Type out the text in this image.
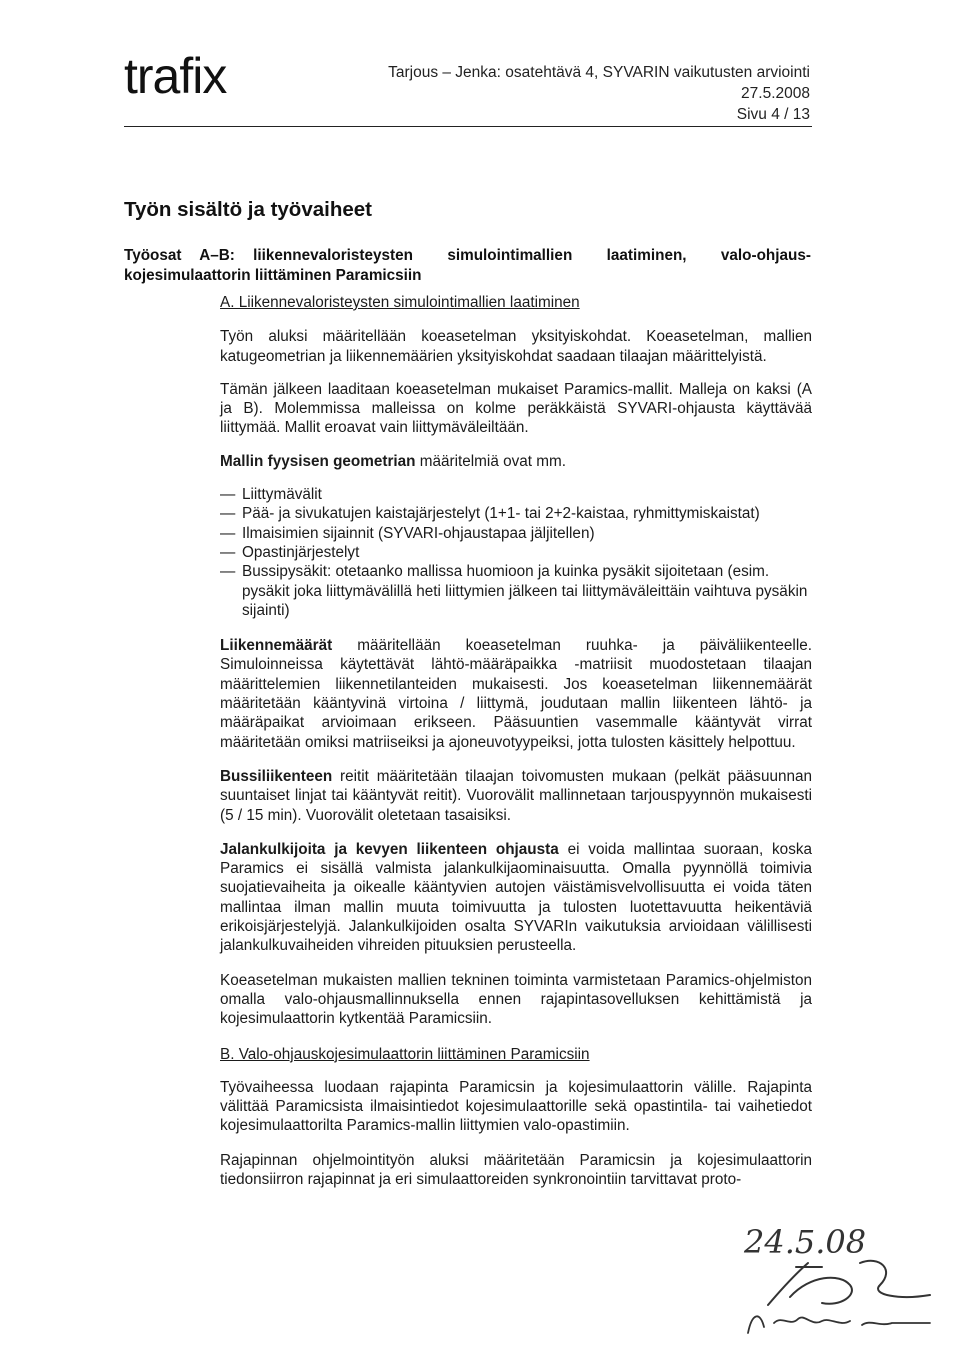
trafix	Tarjous – Jenka: osatehtävä 4, SYVARIN vaikutusten arviointi
27.5.2008
Sivu 4 / 13
Työn sisältö ja työvaiheet
Työosat A–B: liikennevaloristeysten simulointimallien laatiminen, valo-ohjaus-
kojesimulaattorin liittäminen Paramicsiin

A. Liikennevaloristeysten simulointimallien laatiminen

Työn aluksi määritellään koeasetelman yksityiskohdat. Koeasetelman, mallien katugeometrian ja liikennemäärien yksityiskohdat saadaan tilaajan määrittelyistä.

Tämän jälkeen laaditaan koeasetelman mukaiset Paramics-mallit. Malleja on kaksi (A ja B). Molemmissa malleissa on kolme peräkkäistä SYVARI-ohjausta käyttävää liittymää. Mallit eroavat vain liittymäväleiltään.

Mallin fyysisen geometrian määritelmiä ovat mm.

— Liittymävälit
— Pää- ja sivukatujen kaistajärjestelyt (1+1- tai 2+2-kaistaa, ryhmittymiskaistat)
— Ilmaisimien sijainnit (SYVARI-ohjaustapaa jäljitellen)
— Opastinjärjestelyt
— Bussipysäkit: otetaanko mallissa huomioon ja kuinka pysäkit sijoitetaan (esim. pysäkit joka liittymävälillä heti liittymien jälkeen tai liittymäväleittäin vaihtuva pysäkin sijainti)

Liikennemäärät määritellään koeasetelman ruuhka- ja päiväliikenteelle. Simuloinneissa käytettävät lähtö-määräpaikka -matriisit muodostetaan tilaajan määrittelemien liikennetilanteiden mukaisesti. Jos koeasetelman liikennemäärät määritetään kääntyvinä virtoina / liittymä, joudutaan mallin liikenteen lähtö- ja määräpaikat arvioimaan erikseen. Pääsuuntien vasemmalle kääntyvät virrat määritetään omiksi matriiseiksi ja ajoneuvotyypeiksi, jotta tulosten käsittely helpottuu.

Bussiliikenteen reitit määritetään tilaajan toivomusten mukaan (pelkät pääsuunnan suuntaiset linjat tai kääntyvät reitit). Vuorovälit mallinnetaan tarjouspyynnön mukaisesti (5 / 15 min). Vuorovälit oletetaan tasaisiksi.

Jalankulkijoita ja kevyen liikenteen ohjausta ei voida mallintaa suoraan, koska Paramics ei sisällä valmista jalankulkijaominaisuutta. Omalla pyynnöllä toimivia suojatievaiheita ja oikealle kääntyvien autojen väistämisvelvollisuutta ei voida täten mallintaa ilman mallin muuta toimivuutta ja tulosten luotettavuutta heikentäviä erikoisjärjestelyjä. Jalankulkijoiden osalta SYVARIn vaikutuksia arvioidaan välillisesti jalankulkuvaiheiden vihreiden pituuksien perusteella.

Koeasetelman mukaisten mallien tekninen toiminta varmistetaan Paramics-ohjelmiston omalla valo-ohjausmallinnuksella ennen rajapintasovelluksen kehittämistä ja kojesimulaattorin kytkentää Paramicsiin.

B. Valo-ohjauskojesimulaattorin liittäminen Paramicsiin

Työvaiheessa luodaan rajapinta Paramicsin ja kojesimulaattorin välille. Rajapinta välittää Paramicsista ilmaisintiedot kojesimulaattorille sekä opastintila- tai vaihetiedot kojesimulaattorilta Paramics-mallin liittymien valo-opastimiin.

Rajapinnan ohjelmointityön aluksi määritetään Paramicsin ja kojesimulaattorin tiedonsiirron rajapinnat ja eri simulaattoreiden synkronointiin tarvittavat proto-

24.5.08
